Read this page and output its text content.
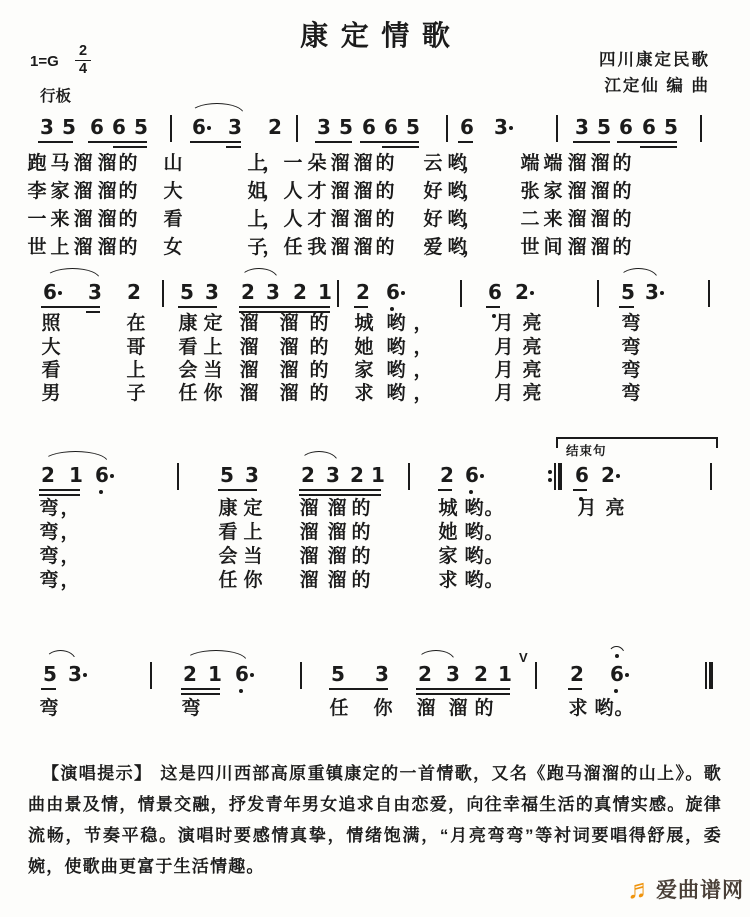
康定情歌
四川康定民歌
江定仙 编 曲
$1=G \frac{2}{4}$
行板
3 5 6 6 5 6 3 2 3 5 6 6 5 6 3	3 5 6 6 5
跑 马 溜 溜 的 山	上
， 一 朵 溜 溜 的 云 哟
， 端 端 溜 溜 的
李 家 溜 溜 的 大	姐
， 人 才 溜 溜 的 好 哟
， 张 家 溜 溜 的
一 来 溜 溜 的 看	上
， 人 才 溜 溜 的 好 哟
， 二 来 溜 溜 的
世 上 溜 溜 的 女	子
， 任 我 溜 溜 的 爱 哟
， 世 间 溜 溜 的
6 3 2 5 3 2 3 2 1 2 6	6 2	5 3
照	在 康 定 溜 溜 的 城 哟 ，	月 亮	弯
大	哥 看 上 溜 溜 的 她 哟 ，	月 亮	弯
看	上 会 当 溜 溜 的 家 哟 ，	月 亮	弯
男	子 任 你 溜 溜 的 求 哟 ，	月 亮	弯
2 1 6	5 3 2 3 2 1	2 6	6 2
结束句
弯 ，	康 定 溜 溜 的	城 哟 。	月 亮
弯 ，	看 上 溜 溜 的	她 哟 。
弯 ，	会 当 溜 溜 的	家 哟 。
弯 ，	任 你 溜 溜 的	求 哟 。
5 3	2 1 6	5 3 2 3 2 1	2 6
V
弯	弯	任 你 溜 溜 的	求 哟 。

【演唱提示】 这是四川西部高原重镇康定的一首情歌，又名《跑马溜溜的山上》。歌曲由景及情，情景交融，抒发青年男女追求自由恋爱，向往幸福生活的真情实感。旋律流畅，节奏平稳。演唱时要感情真挚，情绪饱满，“月亮弯弯”等衬词要唱得舒展，委婉，使歌曲更富于生活情趣。

♬ 爱曲谱网
